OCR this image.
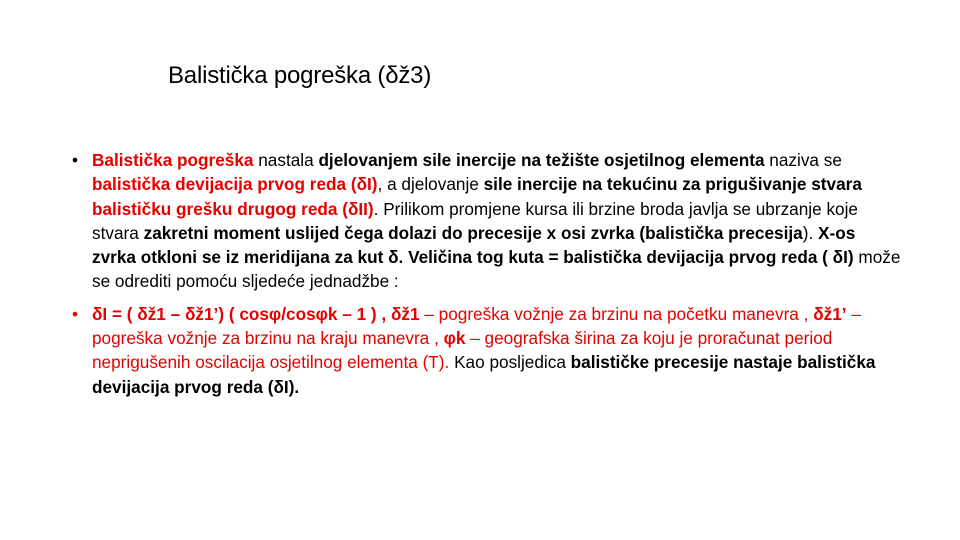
Balistička pogreška (δž3)
• Balistička pogreška nastala djelovanjem sile inercije na težište osjetilnog elementa naziva se balistička devijacija prvog reda (δI), a djelovanje sile inercije na tekućinu za prigušivanje stvara balističku grešku drugog reda (δII). Prilikom promjene kursa ili brzine broda javlja se ubrzanje koje stvara zakretni moment uslijed čega dolazi do precesije x osi zvrka (balistička precesija). X-os zvrka otkloni se iz meridijana za kut δ. Veličina tog kuta = balistička devijacija prvog reda ( δI) može se odrediti pomoću sljedeće jednadžbe :
• δI = ( δž1 – δž1’) ( cosφ/cosφk – 1 ) , δž1 – pogreška vožnje za brzinu na početku manevra , δž1’ – pogreška vožnje za brzinu na kraju manevra , φk – geografska širina za koju je proračunat period neprigušenih oscilacija osjetilnog elementa (T). Kao posljedica balističke precesije nastaje balistička devijacija prvog reda (δI).
